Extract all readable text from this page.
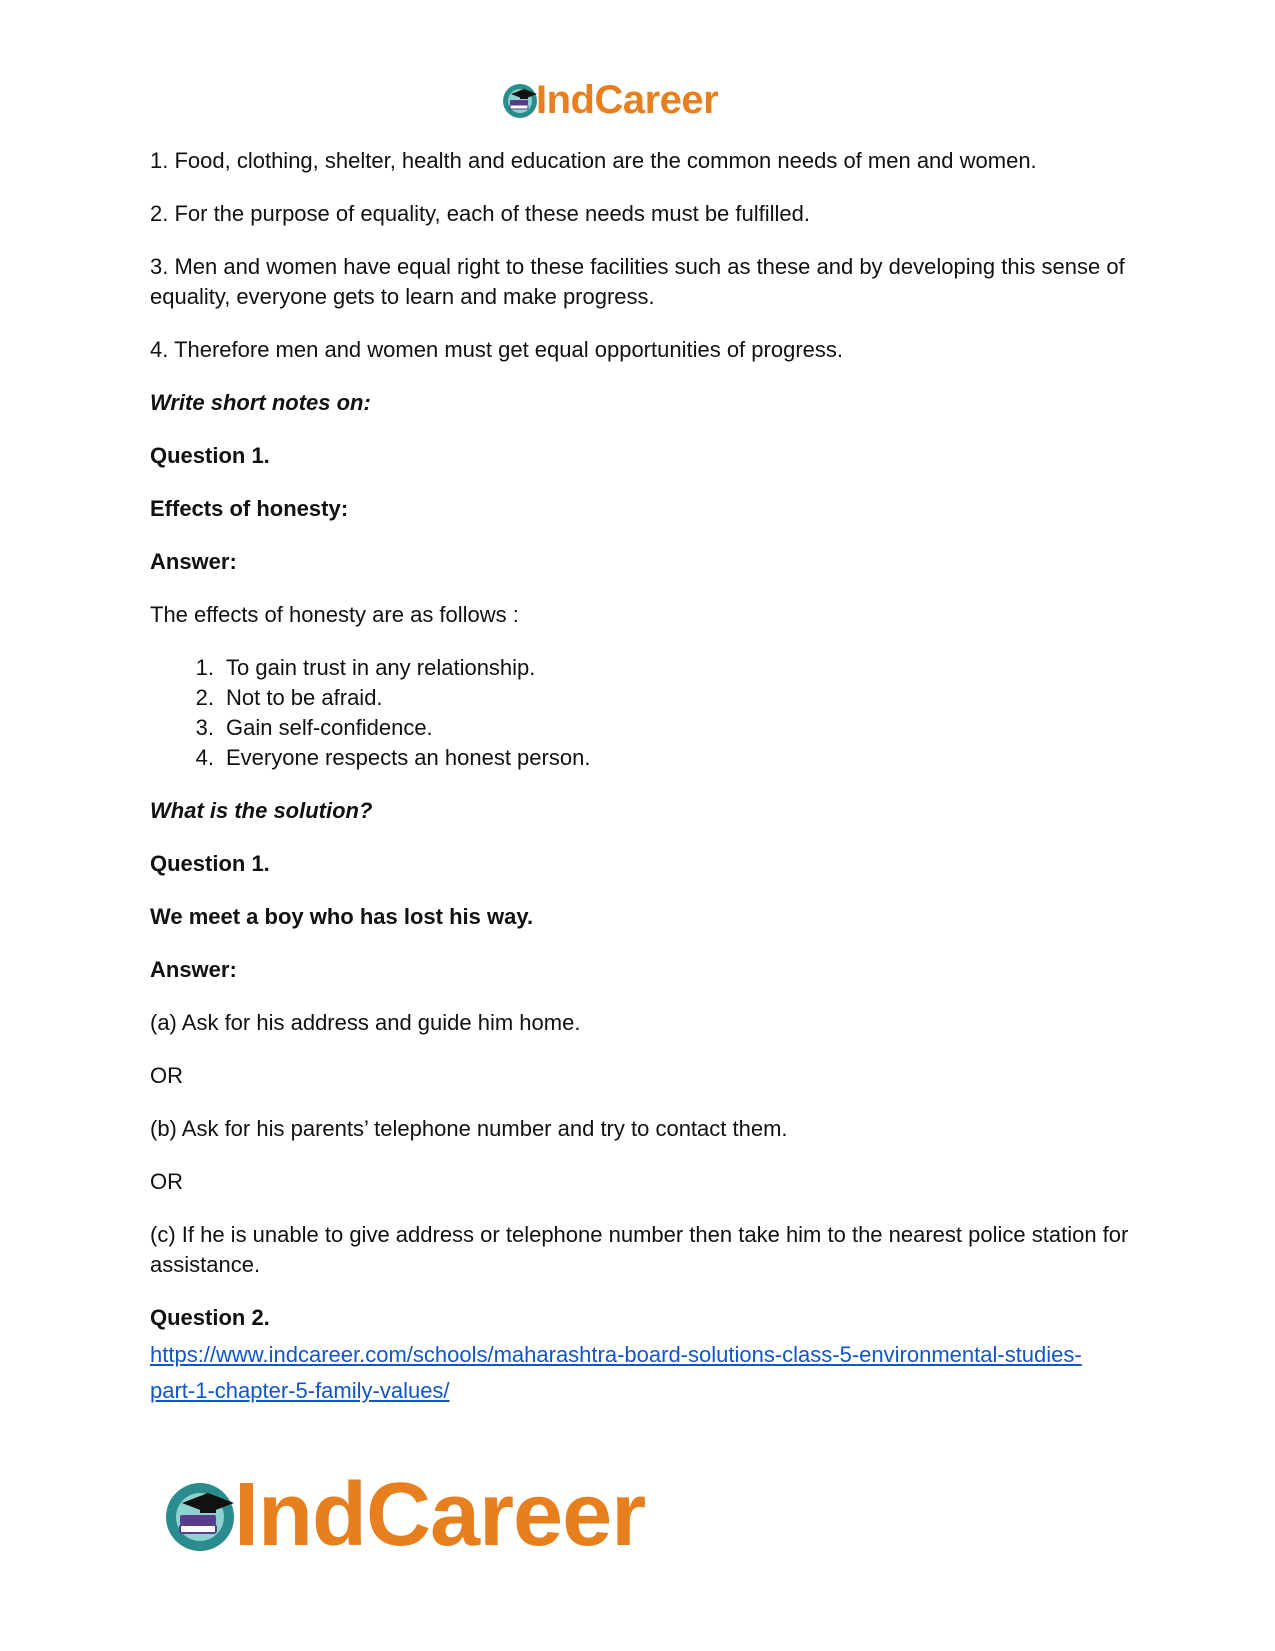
IndCareer

1. Food, clothing, shelter, health and education are the common needs of men and women.

2. For the purpose of equality, each of these needs must be fulfilled.

3. Men and women have equal right to these facilities such as these and by developing this sense of equality, everyone gets to learn and make progress.

4. Therefore men and women must get equal opportunities of progress.

Write short notes on:

Question 1.

Effects of honesty:

Answer:

The effects of honesty are as follows :

1. To gain trust in any relationship.
2. Not to be afraid.
3. Gain self-confidence.
4. Everyone respects an honest person.

What is the solution?

Question 1.

We meet a boy who has lost his way.

Answer:

(a) Ask for his address and guide him home.

OR

(b) Ask for his parents’ telephone number and try to contact them.

OR

(c) If he is unable to give address or telephone number then take him to the nearest police station for assistance.

Question 2.

https://www.indcareer.com/schools/maharashtra-board-solutions-class-5-environmental-studies-
part-1-chapter-5-family-values/
IndCareer
